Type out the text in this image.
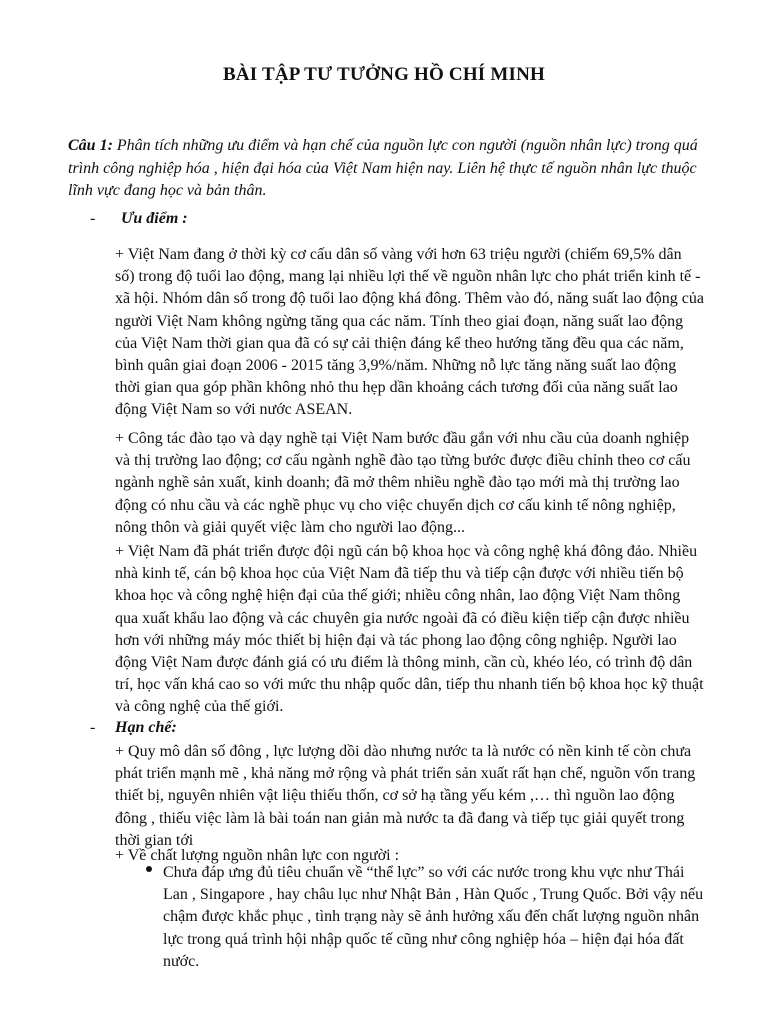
BÀI TẬP TƯ TƯỞNG HỒ CHÍ MINH
Câu 1: Phân tích những ưu điểm và hạn chế của nguồn lực con người (nguồn nhân lực) trong quá trình công nghiệp hóa , hiện đại hóa của Việt Nam hiện nay. Liên hệ thực tế nguồn nhân lực thuộc lĩnh vực đang học và bản thân.
- Ưu điểm :
+ Việt Nam đang ở thời kỳ cơ cấu dân số vàng với hơn 63 triệu người (chiếm 69,5% dân số) trong độ tuổi lao động, mang lại nhiều lợi thế về nguồn nhân lực cho phát triển kinh tế - xã hội. Nhóm dân số trong độ tuổi lao động khá đông. Thêm vào đó, năng suất lao động của người Việt Nam không ngừng tăng qua các năm. Tính theo giai đoạn, năng suất lao động của Việt Nam thời gian qua đã có sự cải thiện đáng kể theo hướng tăng đều qua các năm, bình quân giai đoạn 2006 - 2015 tăng 3,9%/năm. Những nỗ lực tăng năng suất lao động thời gian qua góp phần không nhỏ thu hẹp dần khoảng cách tương đối của năng suất lao động Việt Nam so với nước ASEAN.
+ Công tác đào tạo và dạy nghề tại Việt Nam bước đầu gắn với nhu cầu của doanh nghiệp và thị trường lao động; cơ cấu ngành nghề đào tạo từng bước được điều chỉnh theo cơ cấu ngành nghề sản xuất, kinh doanh; đã mở thêm nhiều nghề đào tạo mới mà thị trường lao động có nhu cầu và các nghề phục vụ cho việc chuyển dịch cơ cấu kinh tế nông nghiệp, nông thôn và giải quyết việc làm cho người lao động...
+ Việt Nam đã phát triển được đội ngũ cán bộ khoa học và công nghệ khá đông đảo. Nhiều nhà kinh tế, cán bộ khoa học của Việt Nam đã tiếp thu và tiếp cận được với nhiều tiến bộ khoa học và công nghệ hiện đại của thế giới; nhiều công nhân, lao động Việt Nam thông qua xuất khẩu lao động và các chuyên gia nước ngoài đã có điều kiện tiếp cận được nhiều hơn với những máy móc thiết bị hiện đại và tác phong lao động công nghiệp. Người lao động Việt Nam được đánh giá có ưu điểm là thông minh, cần cù, khéo léo, có trình độ dân trí, học vấn khá cao so với mức thu nhập quốc dân, tiếp thu nhanh tiến bộ khoa học kỹ thuật và công nghệ của thế giới.
- Hạn chế:
+ Quy mô dân số đông , lực lượng dồi dào nhưng nước ta là nước có nền kinh tế còn chưa phát triển mạnh mẽ , khả năng mở rộng và phát triển sản xuất rất hạn chế, nguồn vốn trang thiết bị, nguyên nhiên vật liệu thiếu thốn, cơ sở hạ tầng yếu kém ,… thì nguồn lao động đông , thiếu việc làm là bài toán nan giản mà nước ta đã đang và tiếp tục giải quyết trong thời gian tới
+ Về chất lượng nguồn nhân lực con người :
Chưa đáp ưng đủ tiêu chuẩn về “thể lực” so với các nước trong khu vực như Thái Lan , Singapore , hay châu lục như Nhật Bản , Hàn Quốc , Trung Quốc. Bởi vậy nếu chậm được khắc phục , tình trạng này sẽ ảnh hưởng xấu đến chất lượng nguồn nhân lực trong quá trình hội nhập quốc tế cũng như công nghiệp hóa – hiện đại hóa đất nước.
